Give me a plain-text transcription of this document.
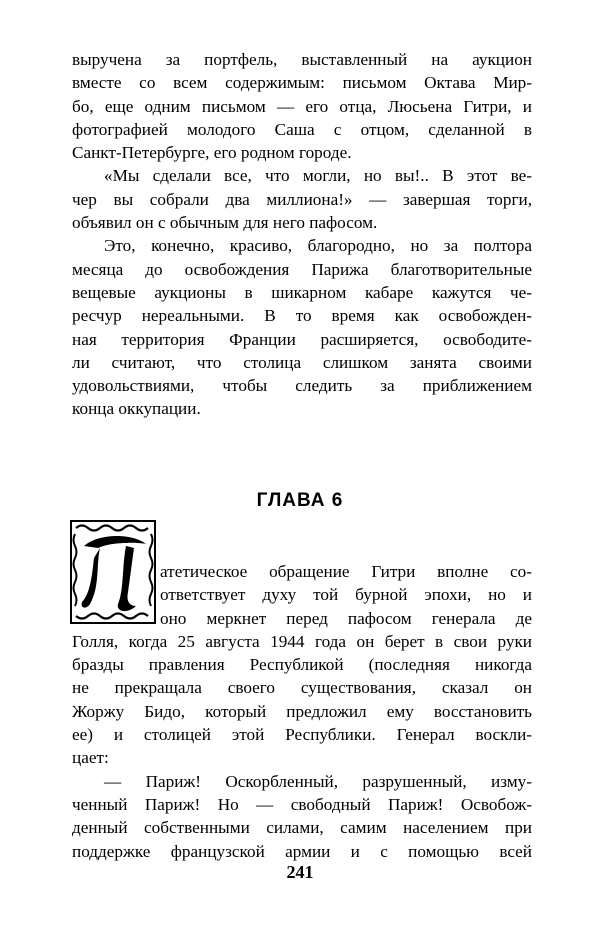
выручена за портфель, выставленный на аукцион
вместе со всем содержимым: письмом Октава Мир-
бо, еще одним письмом — его отца, Люсьена Гитри, и
фотографией молодого Саша с отцом, сделанной в
Санкт-Петербурге, его родном городе.
«Мы сделали все, что могли, но вы!.. В этот ве-
чер вы собрали два миллиона!» — завершая торги,
объявил он с обычным для него пафосом.
Это, конечно, красиво, благородно, но за полтора
месяца до освобождения Парижа благотворительные
вещевые аукционы в шикарном кабаре кажутся че-
ресчур нереальными. В то время как освобожден-
ная территория Франции расширяется, освободите-
ли считают, что столица слишком занята своими
удовольствиями, чтобы следить за приближением
конца оккупации.
ГЛАВА 6
П
атетическое обращение Гитри вполне со-
ответствует духу той бурной эпохи, но и
оно меркнет перед пафосом генерала де
Голля, когда 25 августа 1944 года он берет в свои руки
бразды правления Республикой (последняя никогда
не прекращала своего существования, сказал он
Жоржу Бидо, который предложил ему восстановить
ее) и столицей этой Республики. Генерал воскли-
цает:
— Париж! Оскорбленный, разрушенный, изму-
ченный Париж! Но — свободный Париж! Освобож-
денный собственными силами, самим населением при
поддержке французской армии и с помощью всей
241
